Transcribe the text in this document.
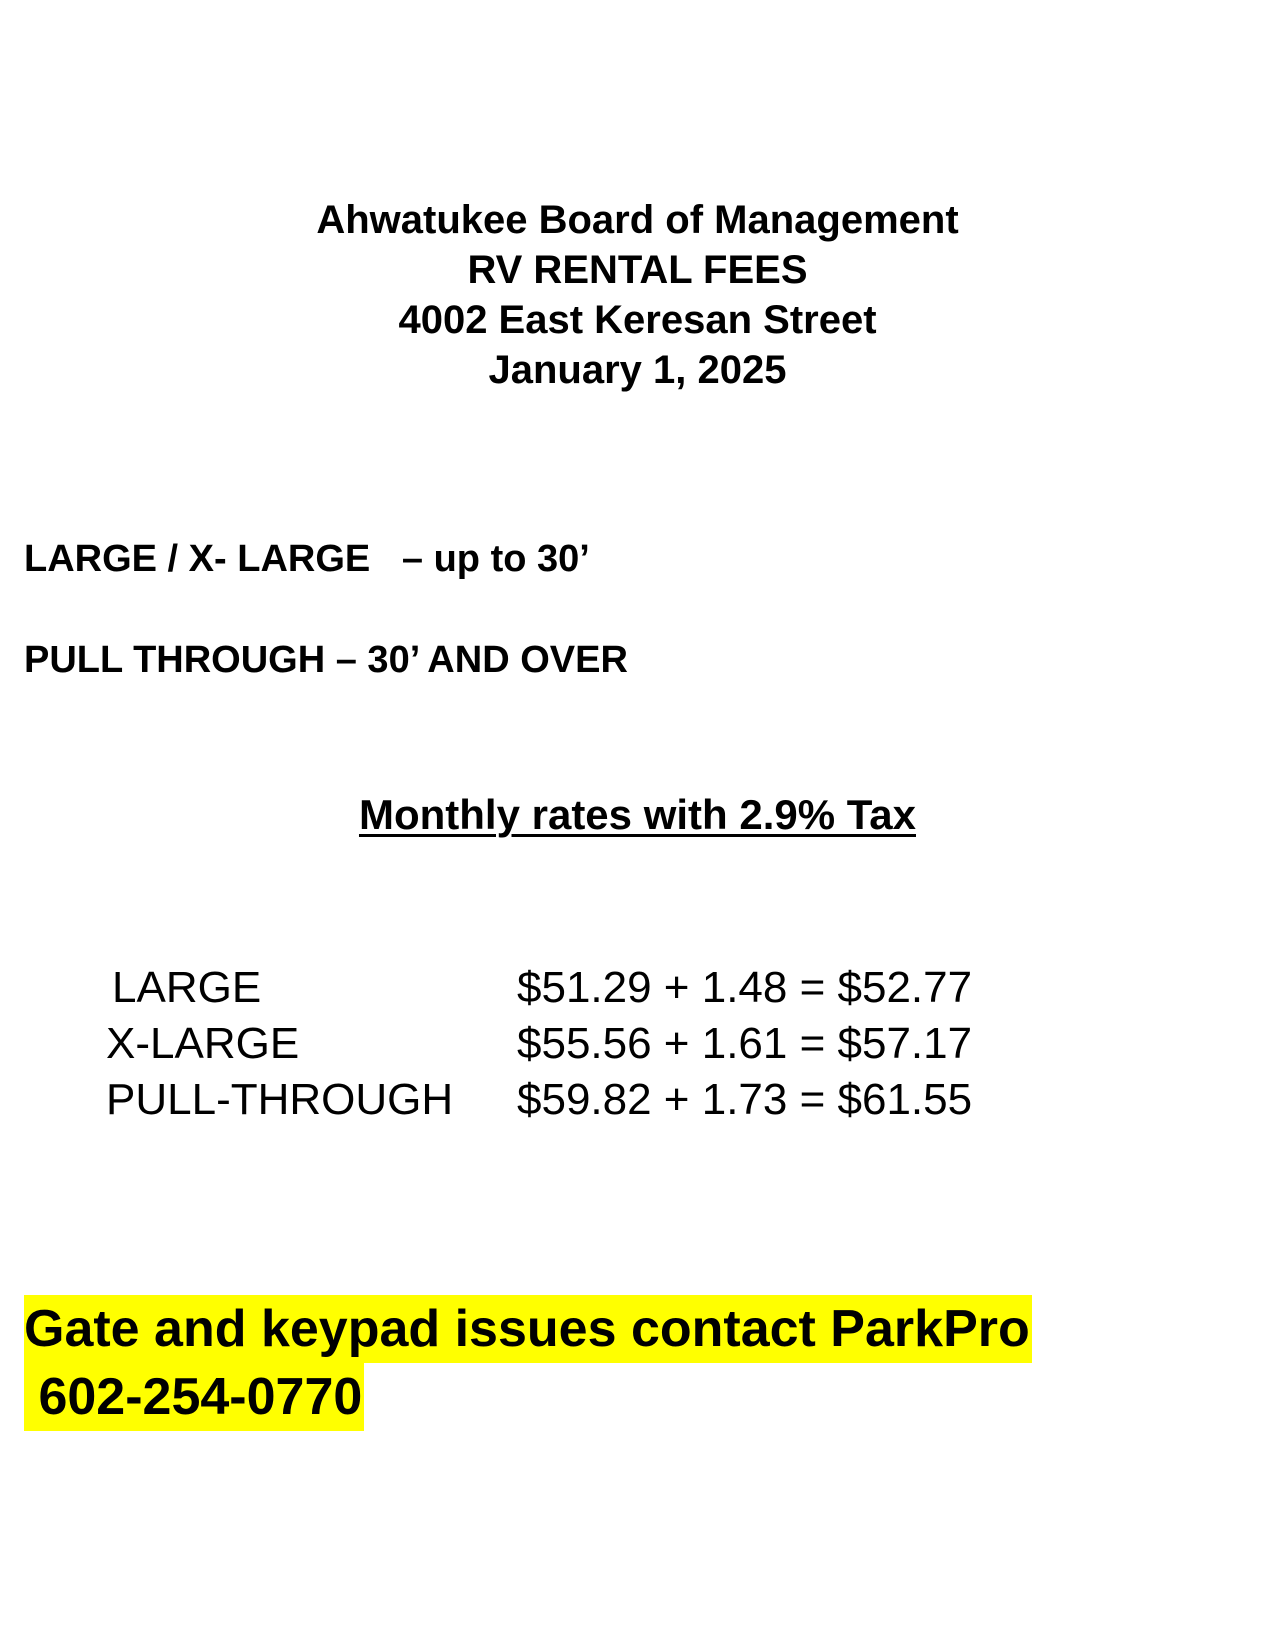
Ahwatukee Board of Management
RV RENTAL FEES
4002 East Keresan Street
January 1, 2025
LARGE / X- LARGE   – up to 30’
PULL THROUGH – 30’ AND OVER
Monthly rates with 2.9% Tax
LARGE	$51.29 + 1.48 = $52.77
X-LARGE	$55.56 + 1.61 = $57.17
PULL-THROUGH $59.82 + 1.73 = $61.55
Gate and keypad issues contact ParkPro
602-254-0770
